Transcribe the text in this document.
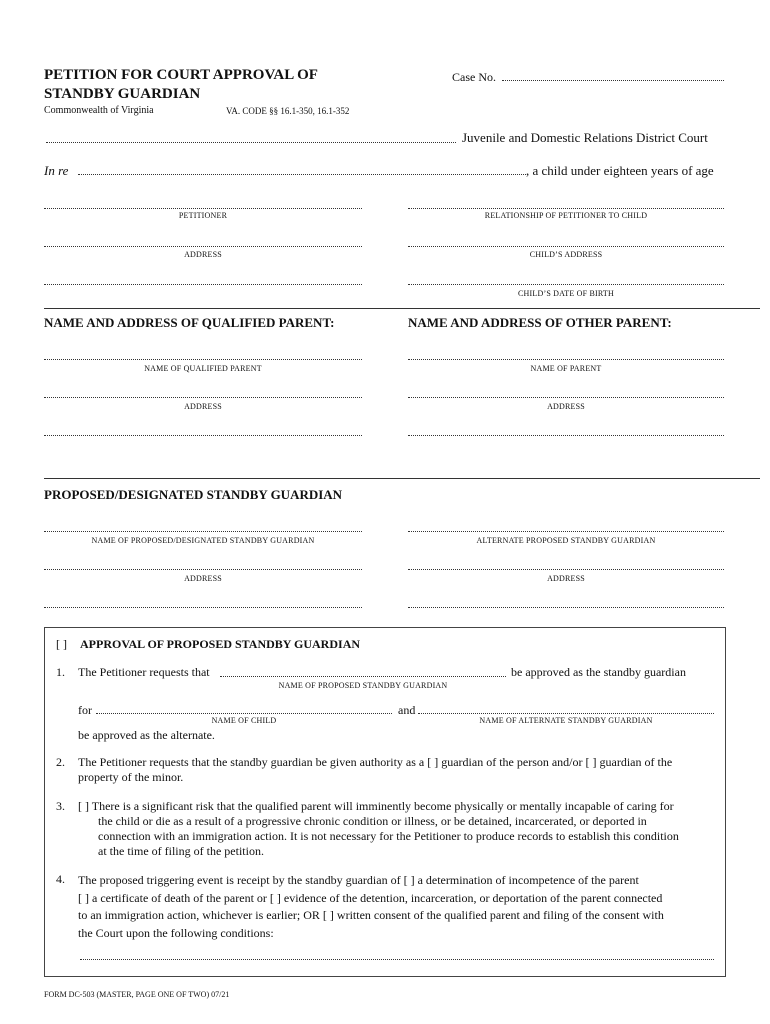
PETITION FOR COURT APPROVAL OF
STANDBY GUARDIAN
Commonwealth of Virginia	VA. CODE §§ 16.1-350, 16.1-352
Case No.
Juvenile and Domestic Relations District Court
In re	, a child under eighteen years of age
PETITIONER	RELATIONSHIP OF PETITIONER TO CHILD
ADDRESS	CHILD’S ADDRESS
CHILD’S DATE OF BIRTH
NAME AND ADDRESS OF QUALIFIED PARENT:	NAME AND ADDRESS OF OTHER PARENT:
NAME OF QUALIFIED PARENT	NAME OF PARENT
ADDRESS	ADDRESS
PROPOSED/DESIGNATED STANDBY GUARDIAN
NAME OF PROPOSED/DESIGNATED STANDBY GUARDIAN	ALTERNATE PROPOSED STANDBY GUARDIAN
ADDRESS	ADDRESS
[ ] APPROVAL OF PROPOSED STANDBY GUARDIAN
1. The Petitioner requests that	be approved as the standby guardian
NAME OF PROPOSED STANDBY GUARDIAN
for	and
NAME OF CHILD	NAME OF ALTERNATE STANDBY GUARDIAN
be approved as the alternate.
2. The Petitioner requests that the standby guardian be given authority as a [ ] guardian of the person and/or [ ] guardian of the
property of the minor.
3. [ ] There is a significant risk that the qualified parent will imminently become physically or mentally incapable of caring for
the child or die as a result of a progressive chronic condition or illness, or be detained, incarcerated, or deported in
connection with an immigration action. It is not necessary for the Petitioner to produce records to establish this condition
at the time of filing of the petition.
4. The proposed triggering event is receipt by the standby guardian of [ ] a determination of incompetence of the parent
[ ] a certificate of death of the parent or [ ] evidence of the detention, incarceration, or deportation of the parent connected
to an immigration action, whichever is earlier; OR [ ] written consent of the qualified parent and filing of the consent with
the Court upon the following conditions:
FORM DC-503 (MASTER, PAGE ONE OF TWO) 07/21
